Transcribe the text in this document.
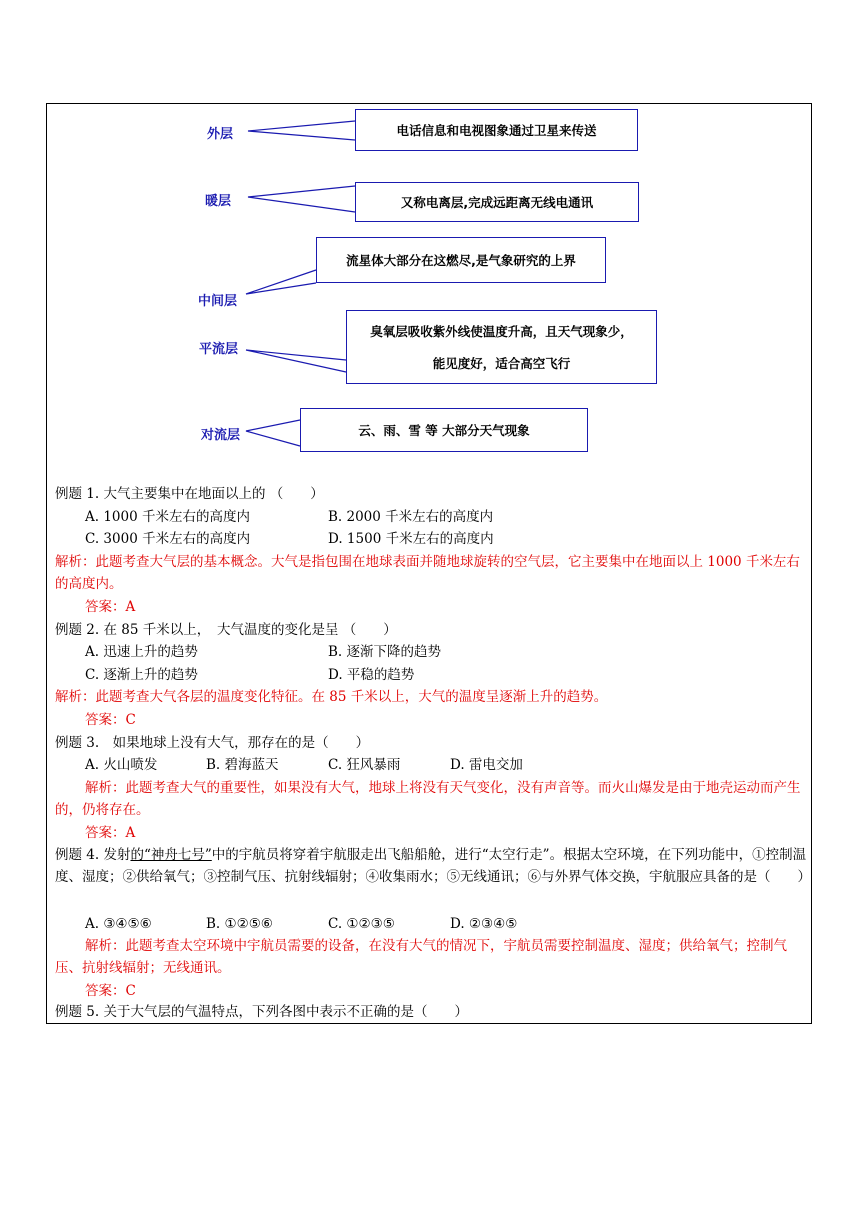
外层	电话信息和电视图象通过卫星来传送
暖层	又称电离层,完成远距离无线电通讯
中间层
流星体大部分在这燃尽,是气象研究的上界
平流层
臭氧层吸收紫外线使温度升高，且天气现象少，
能见度好，适合高空飞行
对流层	云、雨、雪 等 大部分天气现象
例题 1. 大气主要集中在地面以上的 （　　）
A. 1000 千米左右的高度内	B. 2000 千米左右的高度内
C. 3000 千米左右的高度内	D. 1500 千米左右的高度内
解析：此题考查大气层的基本概念。大气是指包围在地球表面并随地球旋转的空气层，它主要集中在地面以上 1000 千米左右的高度内。
答案：A
例题 2. 在 85 千米以上，　大气温度的变化是呈 （　　）
A. 迅速上升的趋势	B. 逐渐下降的趋势
C. 逐渐上升的趋势	D. 平稳的趋势
解析：此题考查大气各层的温度变化特征。在 85 千米以上，大气的温度呈逐渐上升的趋势。
答案：C
例题 3.　如果地球上没有大气，那存在的是（　　）
A. 火山喷发	B. 碧海蓝天	C. 狂风暴雨	D. 雷电交加
解析：此题考查大气的重要性，如果没有大气，地球上将没有天气变化，没有声音等。而火山爆发是由于地壳运动而产生的，仍将存在。
答案：A
例题 4. 发射的“神舟七号”中的宇航员将穿着宇航服走出飞船船舱，进行“太空行走”。根据太空环境，在下列功能中，①控制温度、湿度；②供给氧气；③控制气压、抗射线辐射；④收集雨水；⑤无线通讯；⑥与外界气体交换，宇航服应具备的是（　　）
A. ③④⑤⑥	B. ①②⑤⑥	C. ①②③⑤	D. ②③④⑤
解析：此题考查太空环境中宇航员需要的设备，在没有大气的情况下，宇航员需要控制温度、湿度；供给氧气；控制气压、抗射线辐射；无线通讯。
答案：C
例题 5. 关于大气层的气温特点，下列各图中表示不正确的是（　　）
